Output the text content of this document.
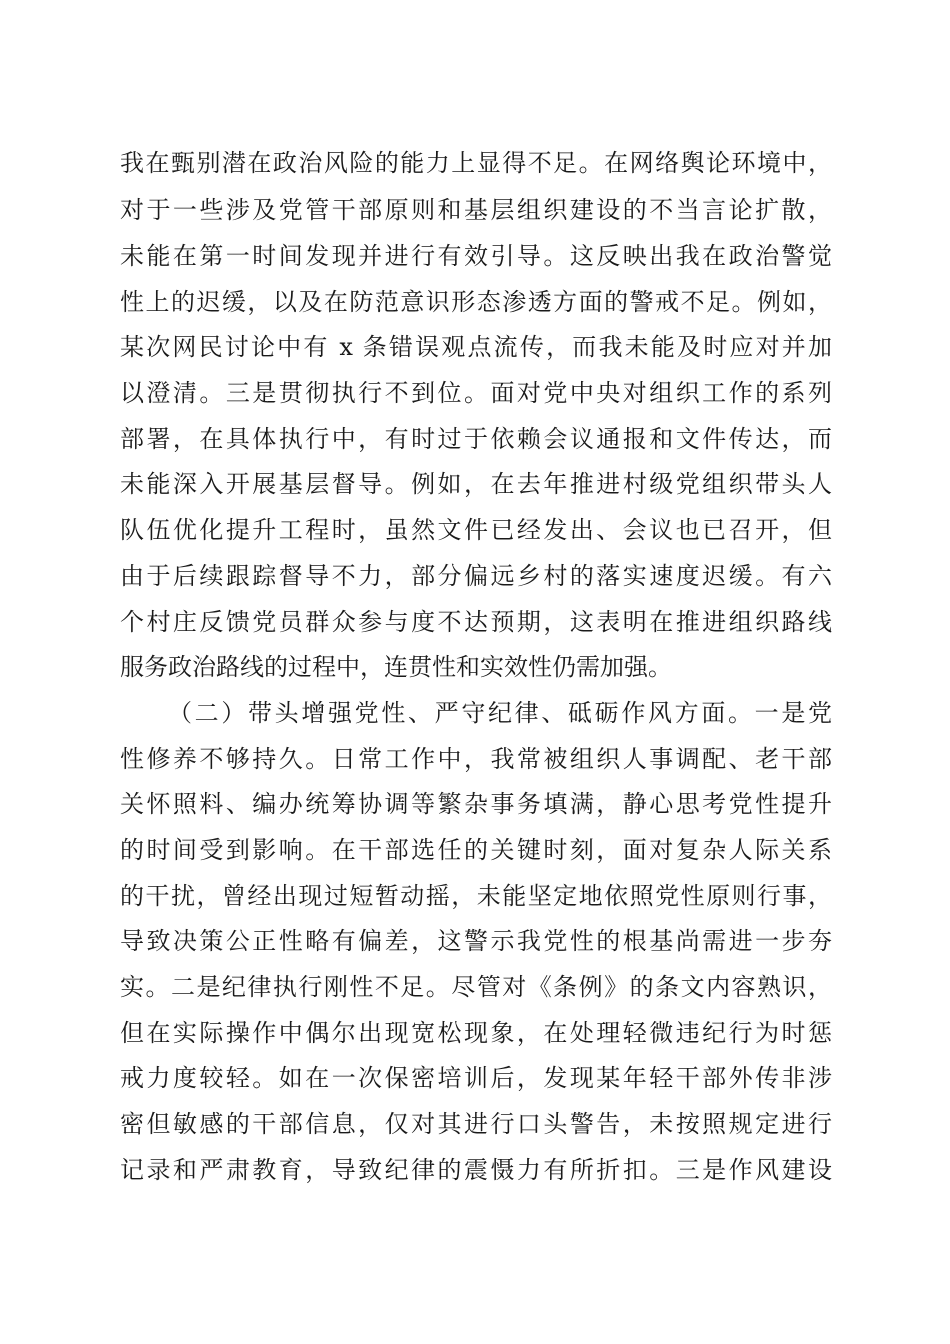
我在甄别潜在政治风险的能力上显得不足。在网络舆论环境中，
对于一些涉及党管干部原则和基层组织建设的不当言论扩散，
未能在第一时间发现并进行有效引导。这反映出我在政治警觉
性上的迟缓，以及在防范意识形态渗透方面的警戒不足。例如，
某次网民讨论中有 x 条错误观点流传，而我未能及时应对并加
以澄清。三是贯彻执行不到位。面对党中央对组织工作的系列
部署，在具体执行中，有时过于依赖会议通报和文件传达，而
未能深入开展基层督导。例如，在去年推进村级党组织带头人
队伍优化提升工程时，虽然文件已经发出、会议也已召开，但
由于后续跟踪督导不力，部分偏远乡村的落实速度迟缓。有六
个村庄反馈党员群众参与度不达预期，这表明在推进组织路线
服务政治路线的过程中，连贯性和实效性仍需加强。
（二）带头增强党性、严守纪律、砥砺作风方面。一是党
性修养不够持久。日常工作中，我常被组织人事调配、老干部
关怀照料、编办统筹协调等繁杂事务填满，静心思考党性提升
的时间受到影响。在干部选任的关键时刻，面对复杂人际关系
的干扰，曾经出现过短暂动摇，未能坚定地依照党性原则行事，
导致决策公正性略有偏差，这警示我党性的根基尚需进一步夯
实。二是纪律执行刚性不足。尽管对《条例》的条文内容熟识，
但在实际操作中偶尔出现宽松现象，在处理轻微违纪行为时惩
戒力度较轻。如在一次保密培训后，发现某年轻干部外传非涉
密但敏感的干部信息，仅对其进行口头警告，未按照规定进行
记录和严肃教育，导致纪律的震慑力有所折扣。三是作风建设
